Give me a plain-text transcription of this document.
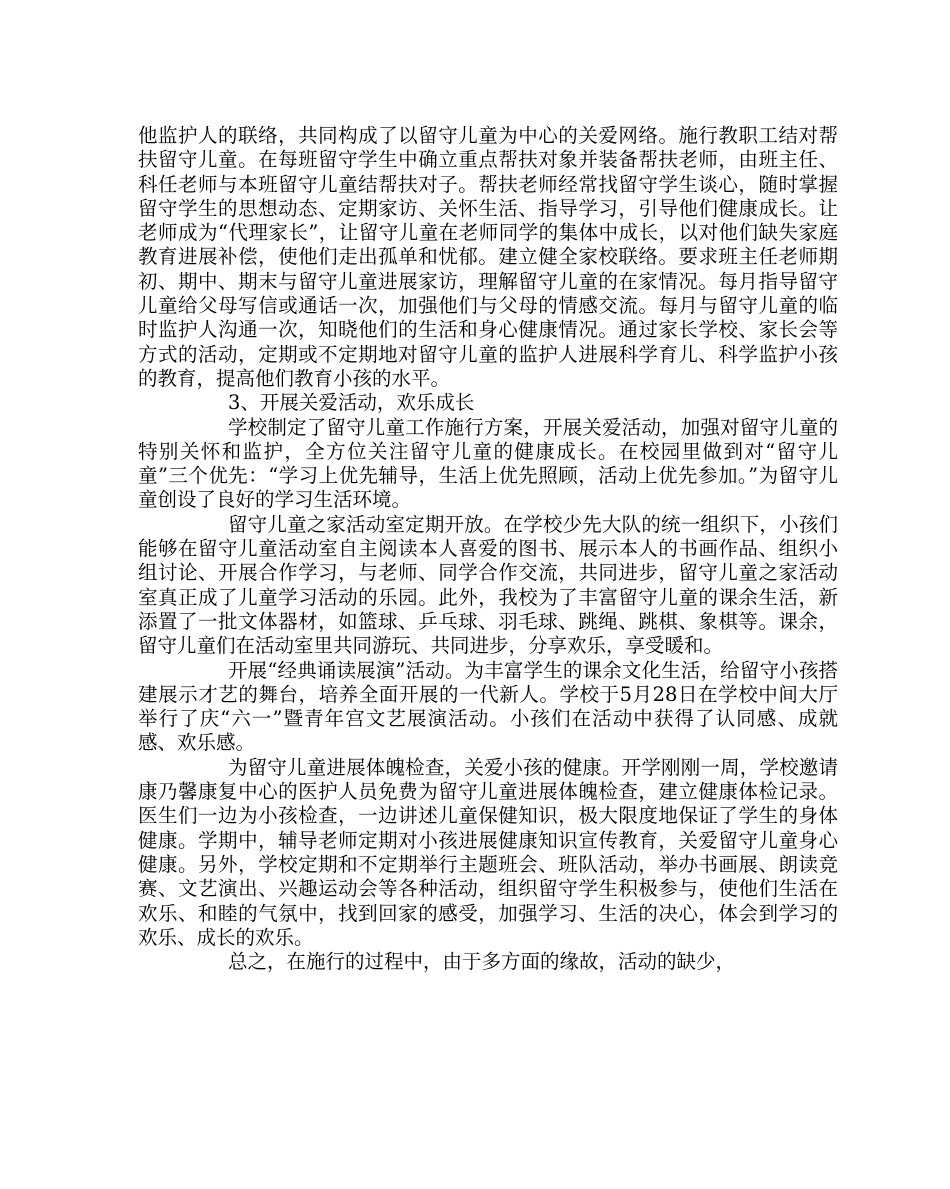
他监护人的联络，共同构成了以留守儿童为中心的关爱网络。施行教职工结对帮扶留守儿童。在每班留守学生中确立重点帮扶对象并装备帮扶老师，由班主任、科任老师与本班留守儿童结帮扶对子。帮扶老师经常找留守学生谈心，随时掌握留守学生的思想动态、定期家访、关怀生活、指导学习，引导他们健康成长。让老师成为“代理家长”，让留守儿童在老师同学的集体中成长，以对他们缺失家庭教育进展补偿，使他们走出孤单和忧郁。建立健全家校联络。要求班主任老师期初、期中、期末与留守儿童进展家访，理解留守儿童的在家情况。每月指导留守儿童给父母写信或通话一次，加强他们与父母的情感交流。每月与留守儿童的临时监护人沟通一次，知晓他们的生活和身心健康情况。通过家长学校、家长会等方式的活动，定期或不定期地对留守儿童的监护人进展科学育儿、科学监护小孩的教育，提高他们教育小孩的水平。

3、开展关爱活动，欢乐成长

学校制定了留守儿童工作施行方案，开展关爱活动，加强对留守儿童的特别关怀和监护，全方位关注留守儿童的健康成长。在校园里做到对“留守儿童”三个优先：“学习上优先辅导，生活上优先照顾，活动上优先参加。”为留守儿童创设了良好的学习生活环境。

留守儿童之家活动室定期开放。在学校少先大队的统一组织下，小孩们能够在留守儿童活动室自主阅读本人喜爱的图书、展示本人的书画作品、组织小组讨论、开展合作学习，与老师、同学合作交流，共同进步，留守儿童之家活动室真正成了儿童学习活动的乐园。此外，我校为了丰富留守儿童的课余生活，新添置了一批文体器材，如篮球、乒乓球、羽毛球、跳绳、跳棋、象棋等。课余，留守儿童们在活动室里共同游玩、共同进步，分享欢乐，享受暖和。

开展“经典诵读展演”活动。为丰富学生的课余文化生活，给留守小孩搭建展示才艺的舞台，培养全面开展的一代新人。学校于5月28日在学校中间大厅举行了庆“六一”暨青年宫文艺展演活动。小孩们在活动中获得了认同感、成就感、欢乐感。

为留守儿童进展体魄检查，关爱小孩的健康。开学刚刚一周，学校邀请康乃馨康复中心的医护人员免费为留守儿童进展体魄检查，建立健康体检记录。医生们一边为小孩检查，一边讲述儿童保健知识，极大限度地保证了学生的身体健康。学期中，辅导老师定期对小孩进展健康知识宣传教育，关爱留守儿童身心健康。另外，学校定期和不定期举行主题班会、班队活动，举办书画展、朗读竞赛、文艺演出、兴趣运动会等各种活动，组织留守学生积极参与，使他们生活在欢乐、和睦的气氛中，找到回家的感受，加强学习、生活的决心，体会到学习的欢乐、成长的欢乐。

总之，在施行的过程中，由于多方面的缘故，活动的缺少，
